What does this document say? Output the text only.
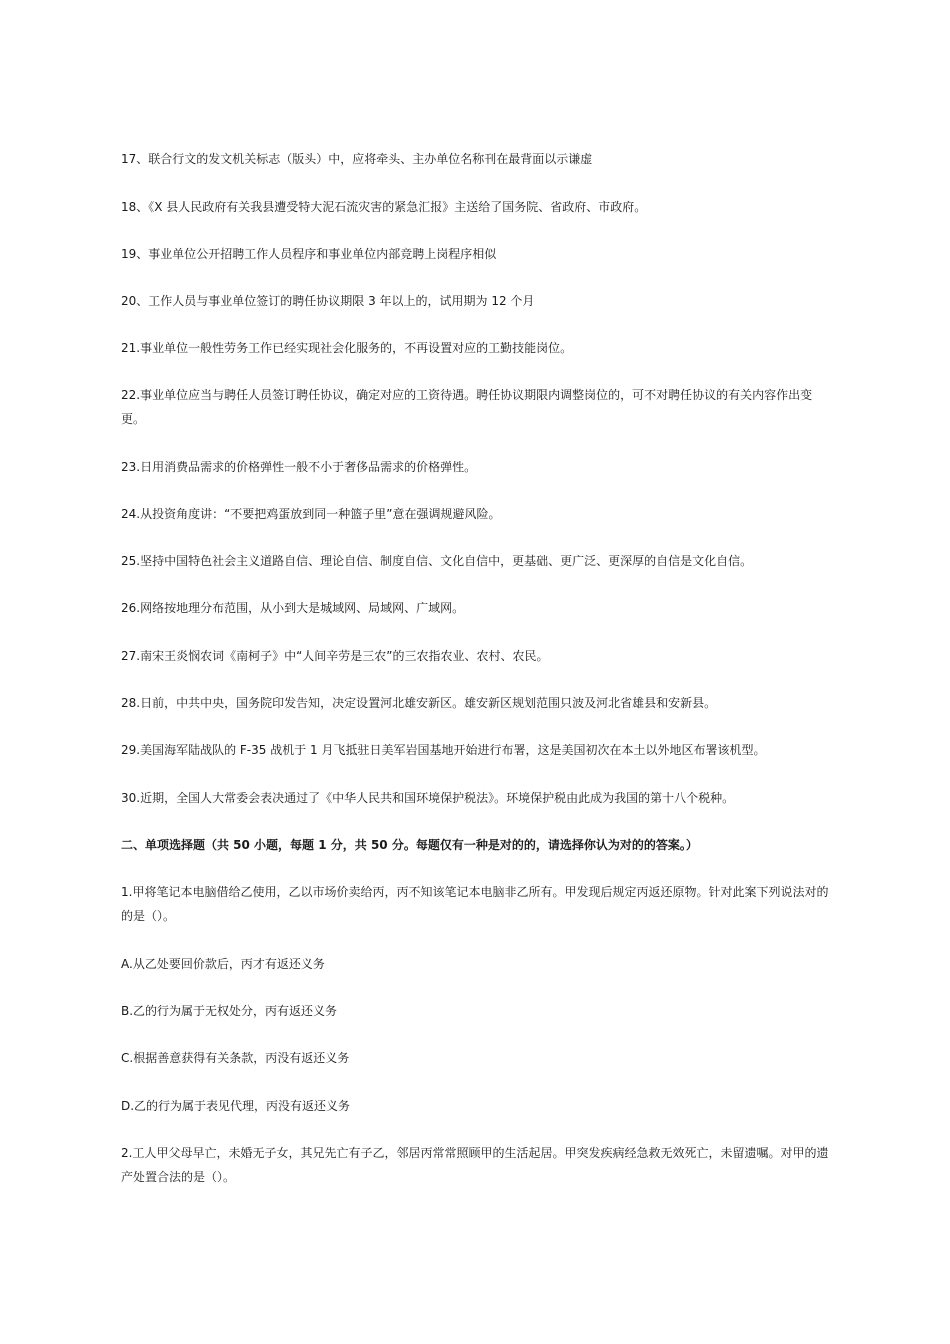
17、联合行文的发文机关标志（版头）中，应将牵头、主办单位名称刊在最背面以示谦虚

18、《X 县人民政府有关我县遭受特大泥石流灾害的紧急汇报》主送给了国务院、省政府、市政府。

19、事业单位公开招聘工作人员程序和事业单位内部竞聘上岗程序相似

20、工作人员与事业单位签订的聘任协议期限 3 年以上的，试用期为 12 个月

21.事业单位一般性劳务工作已经实现社会化服务的，不再设置对应的工勤技能岗位。

22.事业单位应当与聘任人员签订聘任协议，确定对应的工资待遇。聘任协议期限内调整岗位的，可不对聘任协议的有关内容作出变更。

23.日用消费品需求的价格弹性一般不小于奢侈品需求的价格弹性。

24.从投资角度讲：“不要把鸡蛋放到同一种篮子里”意在强调规避风险。

25.坚持中国特色社会主义道路自信、理论自信、制度自信、文化自信中，更基础、更广泛、更深厚的自信是文化自信。

26.网络按地理分布范围，从小到大是城域网、局域网、广域网。

27.南宋王炎悯农词《南柯子》中“人间辛劳是三农”的三农指农业、农村、农民。

28.日前，中共中央，国务院印发告知，决定设置河北雄安新区。雄安新区规划范围只波及河北省雄县和安新县。

29.美国海军陆战队的 F-35 战机于 1 月飞抵驻日美军岩国基地开始进行布署，这是美国初次在本土以外地区布署该机型。

30.近期，全国人大常委会表决通过了《中华人民共和国环境保护税法》。环境保护税由此成为我国的第十八个税种。

二、单项选择题（共 50 小题，每题 1 分，共 50 分。每题仅有一种是对的的，请选择你认为对的的答案。）

1.甲将笔记本电脑借给乙使用，乙以市场价卖给丙，丙不知该笔记本电脑非乙所有。甲发现后规定丙返还原物。针对此案下列说法对的的是（）。

A.从乙处要回价款后，丙才有返还义务

B.乙的行为属于无权处分，丙有返还义务

C.根据善意获得有关条款，丙没有返还义务

D.乙的行为属于表见代理，丙没有返还义务

2.工人甲父母早亡，未婚无子女，其兄先亡有子乙，邻居丙常常照顾甲的生活起居。甲突发疾病经急救无效死亡，未留遗嘱。对甲的遗产处置合法的是（）。
